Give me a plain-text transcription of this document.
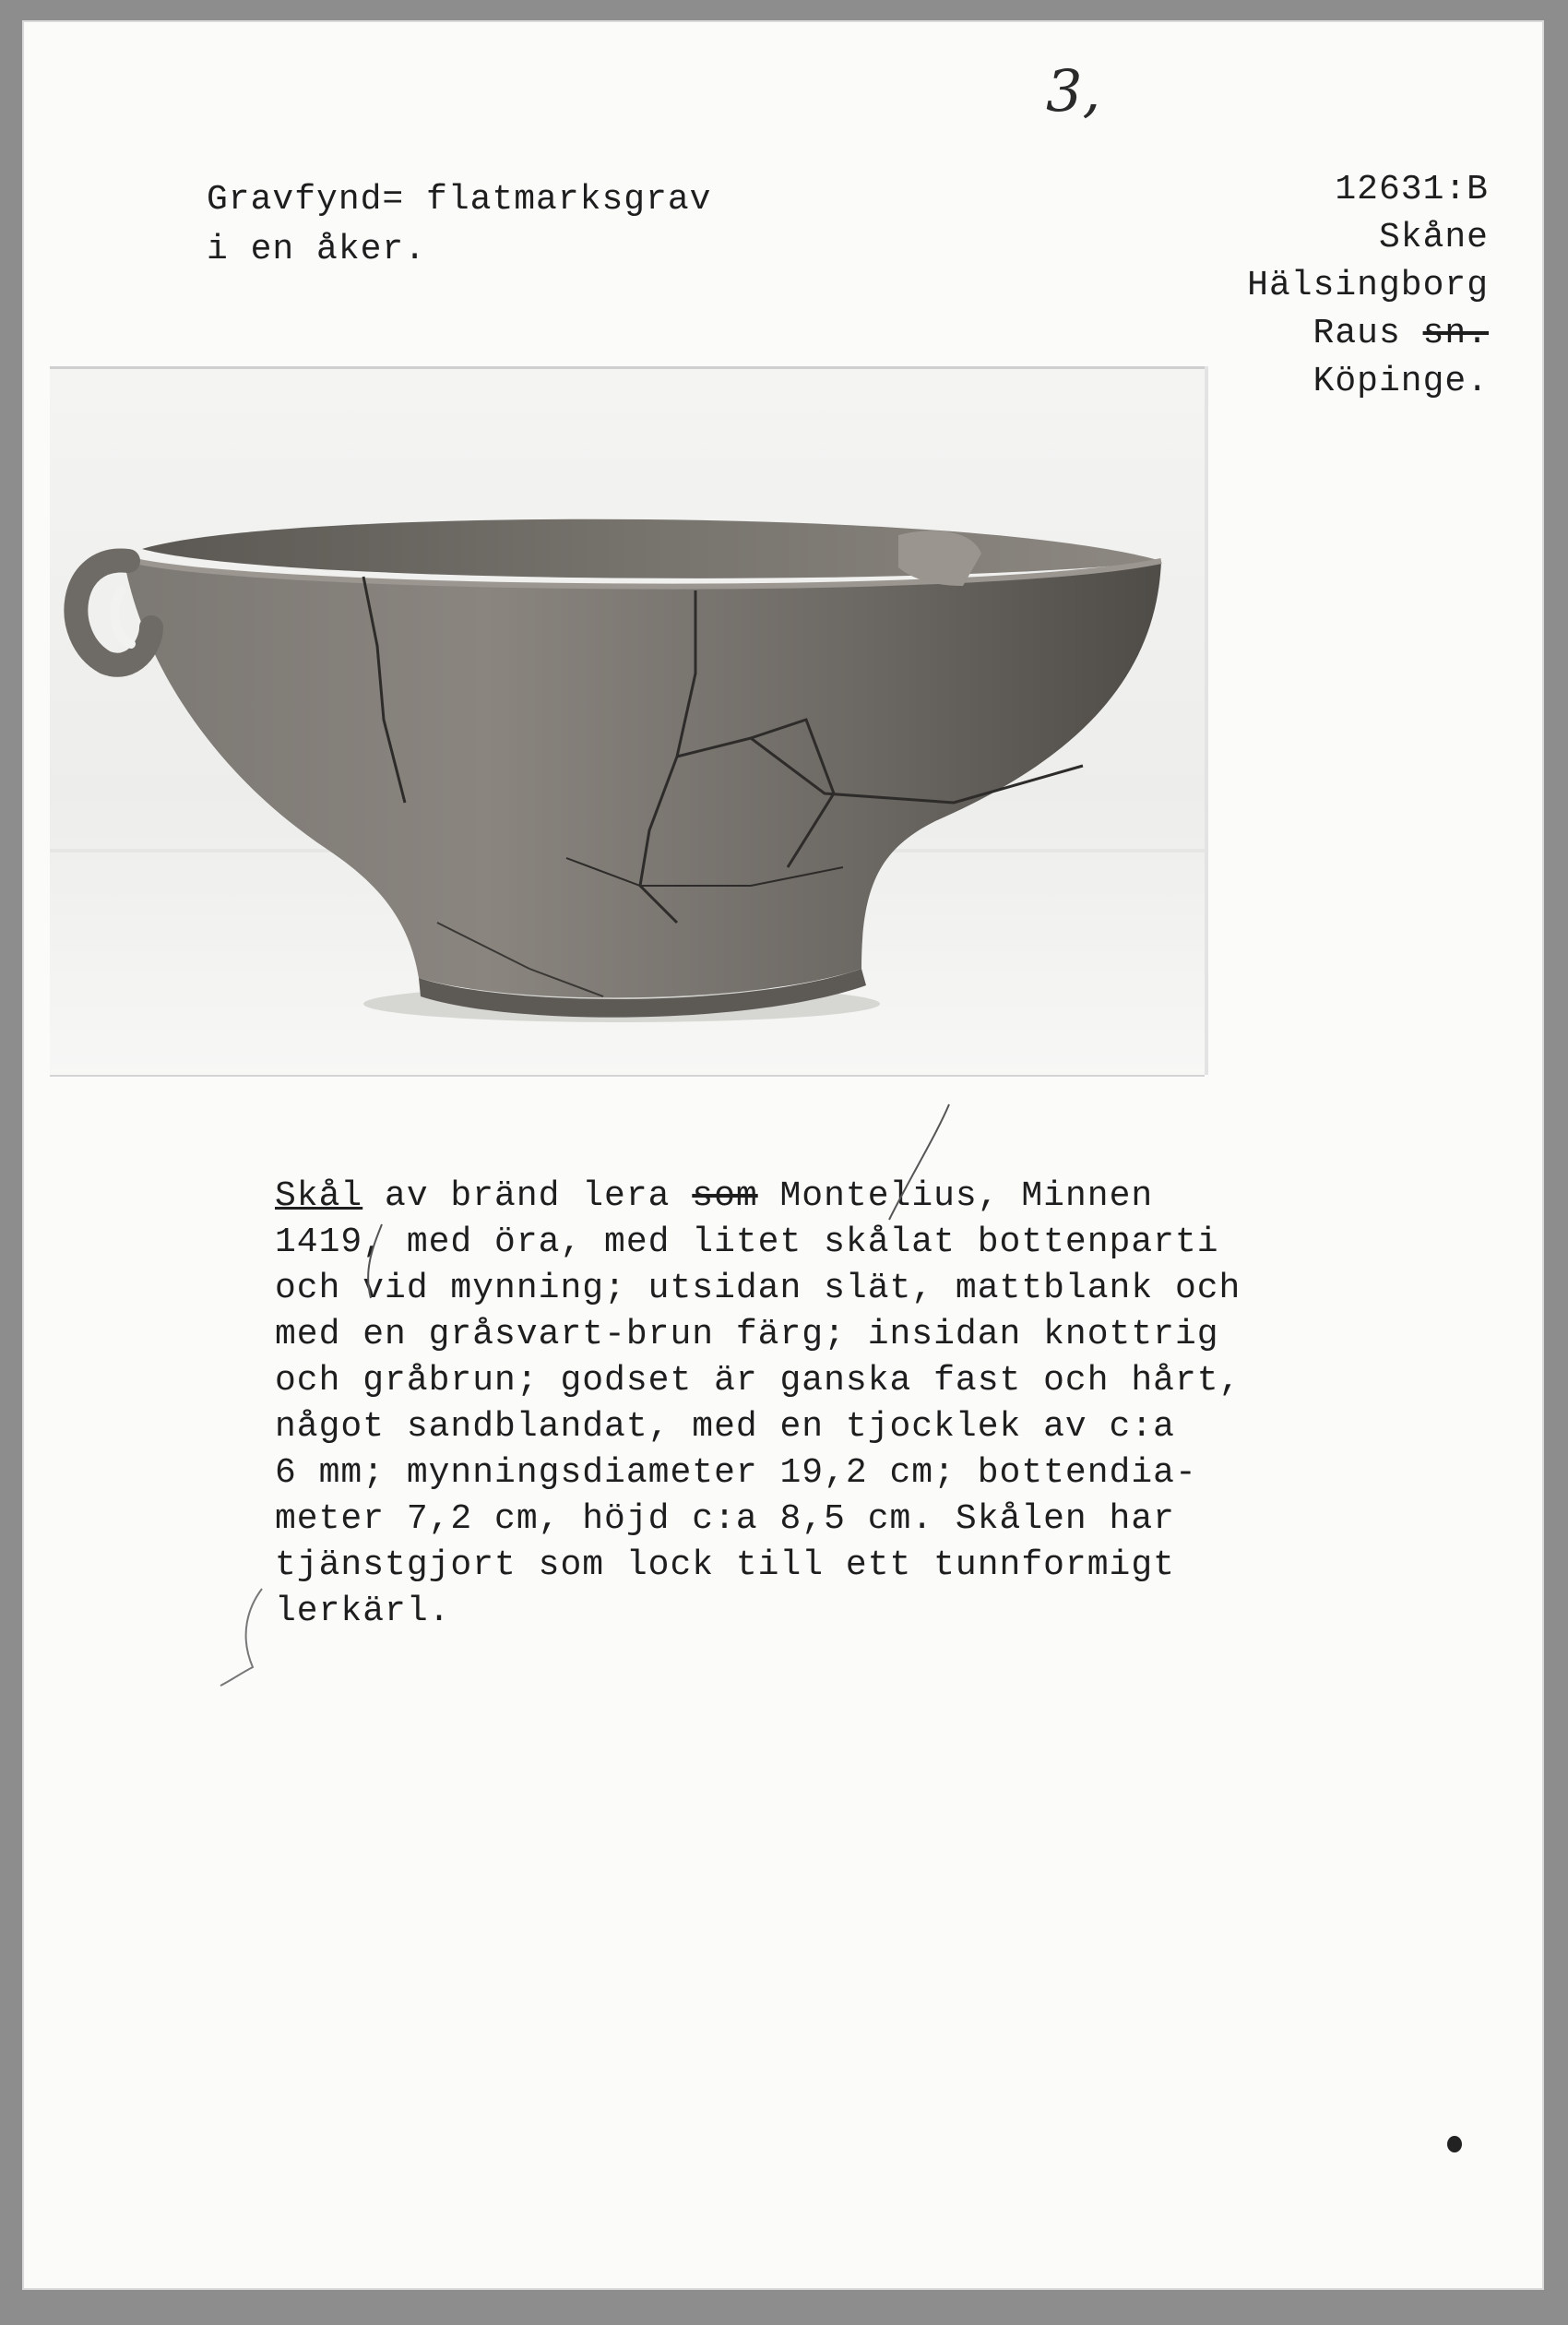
3,
Gravfynd= flatmarksgrav
i en åker.
12631:B
Skåne
Hälsingborg
Raus sn.
Köpinge.
Skål av bränd lera som Montelius, Minnen
1419, med öra, med litet skålat bottenparti
och vid mynning; utsidan slät, mattblank och
med en gråsvart-brun färg; insidan knottrig
och gråbrun; godset är ganska fast och hårt,
något sandblandat, med en tjocklek av c:a
6 mm; mynningsdiameter 19,2 cm; bottendia-
meter 7,2 cm, höjd c:a 8,5 cm. Skålen har
tjänstgjort som lock till ett tunnformigt
lerkärl.
